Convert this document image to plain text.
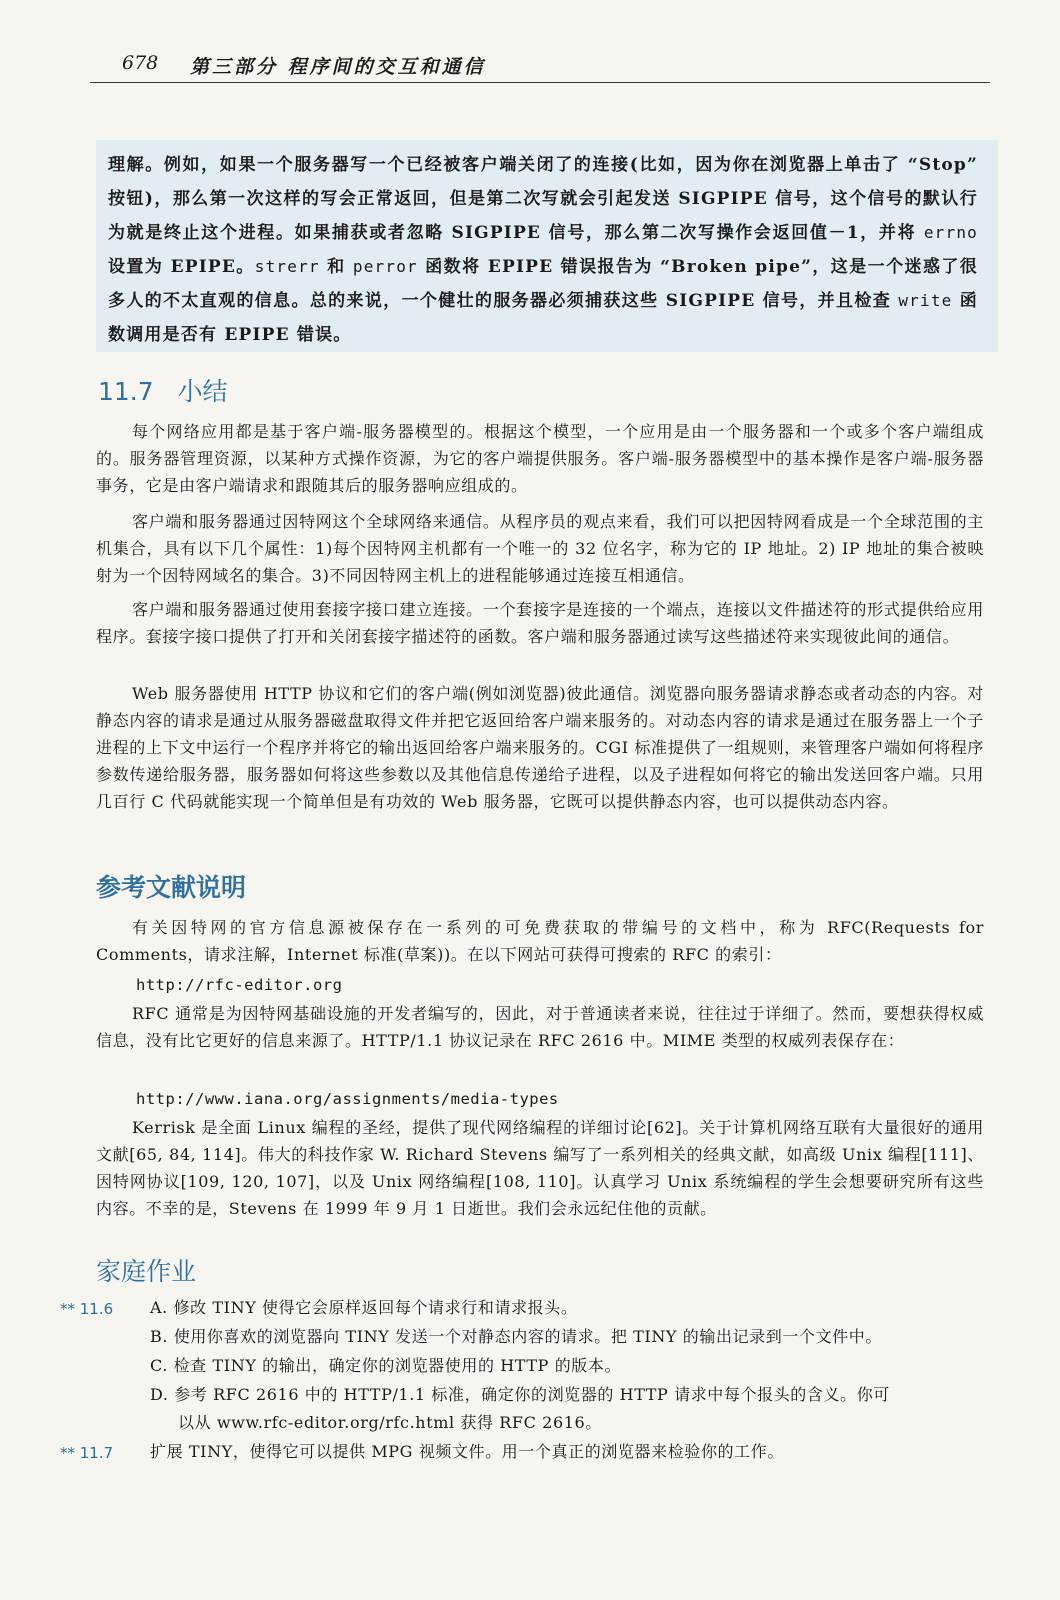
678 第三部分 程序间的交互和通信

理解。例如，如果一个服务器写一个已经被客户端关闭了的连接(比如，因为你在浏览器上单击了 “Stop” 按钮)，那么第一次这样的写会正常返回，但是第二次写就会引起发送 SIGPIPE 信号，这个信号的默认行为就是终止这个进程。如果捕获或者忽略 SIGPIPE 信号，那么第二次写操作会返回值－1，并将 errno 设置为 EPIPE。strerr 和 perror 函数将 EPIPE 错误报告为 “Broken pipe”，这是一个迷惑了很多人的不太直观的信息。总的来说，一个健壮的服务器必须捕获这些 SIGPIPE 信号，并且检查 write 函数调用是否有 EPIPE 错误。

11.7 小结

每个网络应用都是基于客户端-服务器模型的。根据这个模型，一个应用是由一个服务器和一个或多个客户端组成的。服务器管理资源，以某种方式操作资源，为它的客户端提供服务。客户端-服务器模型中的基本操作是客户端-服务器事务，它是由客户端请求和跟随其后的服务器响应组成的。

客户端和服务器通过因特网这个全球网络来通信。从程序员的观点来看，我们可以把因特网看成是一个全球范围的主机集合，具有以下几个属性：1)每个因特网主机都有一个唯一的 32 位名字，称为它的 IP 地址。2) IP 地址的集合被映射为一个因特网域名的集合。3)不同因特网主机上的进程能够通过连接互相通信。

客户端和服务器通过使用套接字接口建立连接。一个套接字是连接的一个端点，连接以文件描述符的形式提供给应用程序。套接字接口提供了打开和关闭套接字描述符的函数。客户端和服务器通过读写这些描述符来实现彼此间的通信。

Web 服务器使用 HTTP 协议和它们的客户端(例如浏览器)彼此通信。浏览器向服务器请求静态或者动态的内容。对静态内容的请求是通过从服务器磁盘取得文件并把它返回给客户端来服务的。对动态内容的请求是通过在服务器上一个子进程的上下文中运行一个程序并将它的输出返回给客户端来服务的。CGI 标准提供了一组规则，来管理客户端如何将程序参数传递给服务器，服务器如何将这些参数以及其他信息传递给子进程，以及子进程如何将它的输出发送回客户端。只用几百行 C 代码就能实现一个简单但是有功效的 Web 服务器，它既可以提供静态内容，也可以提供动态内容。

参考文献说明

有关因特网的官方信息源被保存在一系列的可免费获取的带编号的文档中，称为 RFC(Requests for Comments，请求注解，Internet 标准(草案))。在以下网站可获得可搜索的 RFC 的索引：

http://rfc-editor.org

RFC 通常是为因特网基础设施的开发者编写的，因此，对于普通读者来说，往往过于详细了。然而，要想获得权威信息，没有比它更好的信息来源了。HTTP/1.1 协议记录在 RFC 2616 中。MIME 类型的权威列表保存在：

http://www.iana.org/assignments/media-types

Kerrisk 是全面 Linux 编程的圣经，提供了现代网络编程的详细讨论[62]。关于计算机网络互联有大量很好的通用文献[65, 84, 114]。伟大的科技作家 W. Richard Stevens 编写了一系列相关的经典文献，如高级 Unix 编程[111]、因特网协议[109, 120, 107]，以及 Unix 网络编程[108, 110]。认真学习 Unix 系统编程的学生会想要研究所有这些内容。不幸的是，Stevens 在 1999 年 9 月 1 日逝世。我们会永远纪住他的贡献。

家庭作业
** 11.6 A. 修改 TINY 使得它会原样返回每个请求行和请求报头。

B. 使用你喜欢的浏览器向 TINY 发送一个对静态内容的请求。把 TINY 的输出记录到一个文件中。

C. 检查 TINY 的输出，确定你的浏览器使用的 HTTP 的版本。

D. 参考 RFC 2616 中的 HTTP/1.1 标准，确定你的浏览器的 HTTP 请求中每个报头的含义。你可

以从 www.rfc-editor.org/rfc.html 获得 RFC 2616。

** 11.7 扩展 TINY，使得它可以提供 MPG 视频文件。用一个真正的浏览器来检验你的工作。
